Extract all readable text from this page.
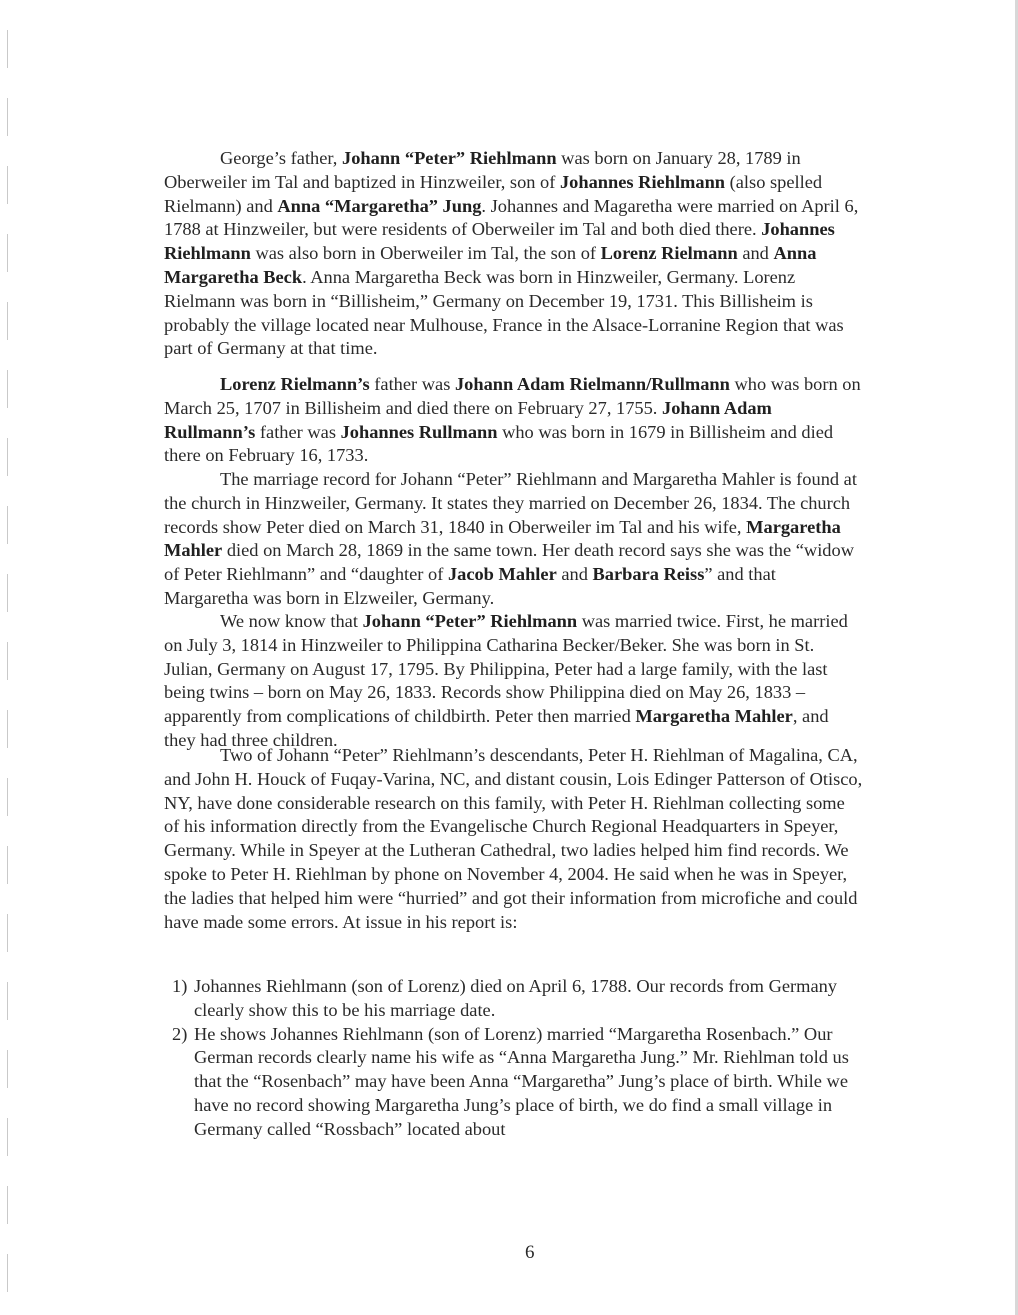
George’s father, Johann “Peter” Riehlmann was born on January 28, 1789 in Oberweiler im Tal and baptized in Hinzweiler, son of Johannes Riehlmann (also spelled Rielmann) and Anna “Margaretha” Jung. Johannes and Magaretha were married on April 6, 1788 at Hinzweiler, but were residents of Oberweiler im Tal and both died there. Johannes Riehlmann was also born in Oberweiler im Tal, the son of Lorenz Rielmann and Anna Margaretha Beck. Anna Margaretha Beck was born in Hinzweiler, Germany. Lorenz Rielmann was born in “Billisheim,” Germany on December 19, 1731. This Billisheim is probably the village located near Mulhouse, France in the Alsace-Lorranine Region that was part of Germany at that time.

Lorenz Rielmann’s father was Johann Adam Rielmann/Rullmann who was born on March 25, 1707 in Billisheim and died there on February 27, 1755. Johann Adam Rullmann’s father was Johannes Rullmann who was born in 1679 in Billisheim and died there on February 16, 1733.

The marriage record for Johann “Peter” Riehlmann and Margaretha Mahler is found at the church in Hinzweiler, Germany. It states they married on December 26, 1834. The church records show Peter died on March 31, 1840 in Oberweiler im Tal and his wife, Margaretha Mahler died on March 28, 1869 in the same town. Her death record says she was the “widow of Peter Riehlmann” and “daughter of Jacob Mahler and Barbara Reiss” and that Margaretha was born in Elzweiler, Germany.

We now know that Johann “Peter” Riehlmann was married twice. First, he married on July 3, 1814 in Hinzweiler to Philippina Catharina Becker/Beker. She was born in St. Julian, Germany on August 17, 1795. By Philippina, Peter had a large family, with the last being twins – born on May 26, 1833. Records show Philippina died on May 26, 1833 – apparently from complications of childbirth. Peter then married Margaretha Mahler, and they had three children.

Two of Johann “Peter” Riehlmann’s descendants, Peter H. Riehlman of Magalina, CA, and John H. Houck of Fuqay-Varina, NC, and distant cousin, Lois Edinger Patterson of Otisco, NY, have done considerable research on this family, with Peter H. Riehlman collecting some of his information directly from the Evangelische Church Regional Headquarters in Speyer, Germany. While in Speyer at the Lutheran Cathedral, two ladies helped him find records. We spoke to Peter H. Riehlman by phone on November 4, 2004. He said when he was in Speyer, the ladies that helped him were “hurried” and got their information from microfiche and could have made some errors. At issue in his report is:

1) Johannes Riehlmann (son of Lorenz) died on April 6, 1788. Our records from Germany clearly show this to be his marriage date.
2) He shows Johannes Riehlmann (son of Lorenz) married “Margaretha Rosenbach.” Our German records clearly name his wife as “Anna Margaretha Jung.” Mr. Riehlman told us that the “Rosenbach” may have been Anna “Margaretha” Jung’s place of birth. While we have no record showing Margaretha Jung’s place of birth, we do find a small village in Germany called “Rossbach” located about
6
